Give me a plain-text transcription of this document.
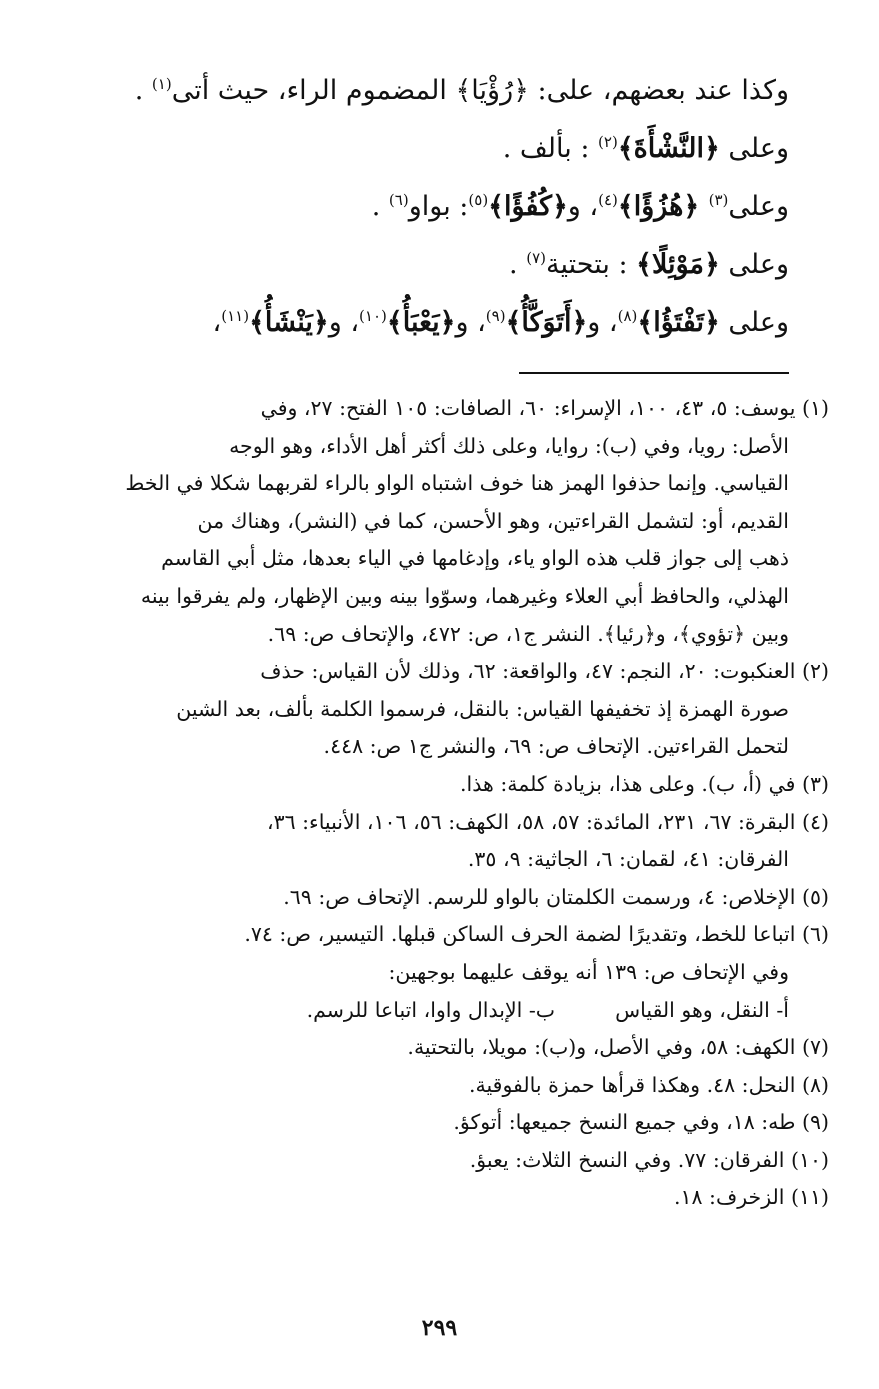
وكذا عند بعضهم، على: ﴿رُؤْيَا﴾ المضموم الراء، حيث أتى$^{(١)}$ .
وعلى ﴿النَّشْأَةَ﴾$^{(٢)}$ : بألف .
وعلى$^{(٣)}$ ﴿هُزُؤًا﴾$^{(٤)}$، و﴿كُفُؤًا﴾$^{(٥)}$: بواو$^{(٦)}$ .
وعلى ﴿مَوْئِلًا﴾ : بتحتية$^{(٧)}$ .
وعلى ﴿تَفْتَؤُا﴾$^{(٨)}$، و﴿أَتَوَكَّأُ﴾$^{(٩)}$، و﴿يَعْبَأُ﴾$^{(١٠)}$، و﴿يَنْشَأُ﴾$^{(١١)}$،
(١) يوسف: ٥، ٤٣، ١٠٠، الإسراء: ٦٠، الصافات: ١٠٥ الفتح: ٢٧، وفي
الأصل: رويا، وفي (ب): روايا، وعلى ذلك أكثر أهل الأداء، وهو الوجه
القياسي. وإنما حذفوا الهمز هنا خوف اشتباه الواو بالراء لقربهما شكلا في الخط
القديم، أو: لتشمل القراءتين، وهو الأحسن، كما في (النشر)، وهناك من
ذهب إلى جواز قلب هذه الواو ياء، وإدغامها في الياء بعدها، مثل أبي القاسم
الهذلي، والحافظ أبي العلاء وغيرهما، وسوّوا بينه وبين الإظهار، ولم يفرقوا بينه
وبين ﴿تؤوي﴾، و﴿رئيا﴾. النشر ج١، ص: ٤٧٢، والإتحاف ص: ٦٩.
(٢) العنكبوت: ٢٠، النجم: ٤٧، والواقعة: ٦٢، وذلك لأن القياس: حذف
صورة الهمزة إذ تخفيفها القياس: بالنقل، فرسموا الكلمة بألف، بعد الشين
لتحمل القراءتين. الإتحاف ص: ٦٩، والنشر ج١ ص: ٤٤٨.
(٣) في (أ، ب). وعلى هذا، بزيادة كلمة: هذا.
(٤) البقرة: ٦٧، ٢٣١، المائدة: ٥٧، ٥٨، الكهف: ٥٦، ١٠٦، الأنبياء: ٣٦،
الفرقان: ٤١، لقمان: ٦، الجاثية: ٩، ٣٥.
(٥) الإخلاص: ٤، ورسمت الكلمتان بالواو للرسم. الإتحاف ص: ٦٩.
(٦) اتباعا للخط، وتقديرًا لضمة الحرف الساكن قبلها. التيسير، ص: ٧٤.
وفي الإتحاف ص: ١٣٩ أنه يوقف عليهما بوجهين:
أ- النقل، وهو القياس
ب- الإبدال واوا، اتباعا للرسم.
(٧) الكهف: ٥٨، وفي الأصل، و(ب): مويلا، بالتحتية.
(٨) النحل: ٤٨. وهكذا قرأها حمزة بالفوقية.
(٩) طه: ١٨، وفي جميع النسخ جميعها: أتوكؤ.
(١٠) الفرقان: ٧٧. وفي النسخ الثلاث: يعبؤ.
(١١) الزخرف: ١٨.
٢٩٩
